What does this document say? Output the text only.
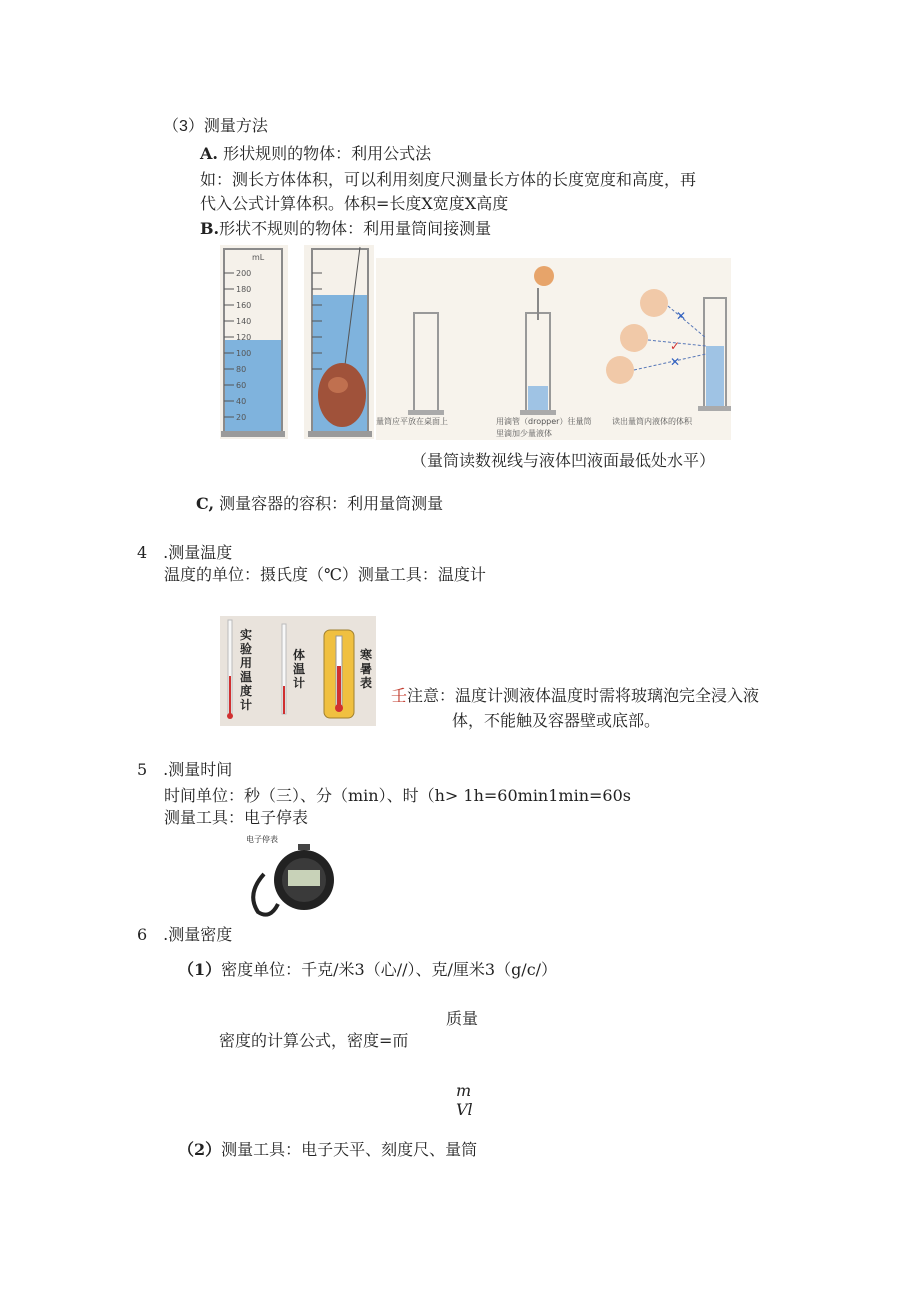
（3）测量方法
A. 形状规则的物体：利用公式法
如：测长方体体积，可以利用刻度尺测量长方体的长度宽度和高度，再
代入公式计算体积。体积=长度X宽度X高度
B.形状不规则的物体：利用量筒间接测量
mL
200
180
160
140
120
100
80
60
40
20
✕
✓
✕
量筒应平放在桌面上	用滴管（dropper）往量筒
里滴加少量液体
读出量筒内液体的体积
（量筒读数视线与液体凹液面最低处水平）
C, 测量容器的容积：利用量筒测量
4　.测量温度
温度的单位：摄氏度（℃）测量工具：温度计
实验用温度计
体温计
寒暑表
壬注意：温度计测液体温度时需将玻璃泡完全浸入液
体，不能触及容器壁或底部。
5　.测量时间
时间单位：秒（三）、分（min）、时（h> 1h=60min1min=60s
测量工具：电子停表
电子停表
6　.测量密度
（1）密度单位：千克/米3（心//）、克/厘米3（g/c/）
质量
密度的计算公式，密度=而
m
Vl
（2）测量工具：电子天平、刻度尺、量筒
